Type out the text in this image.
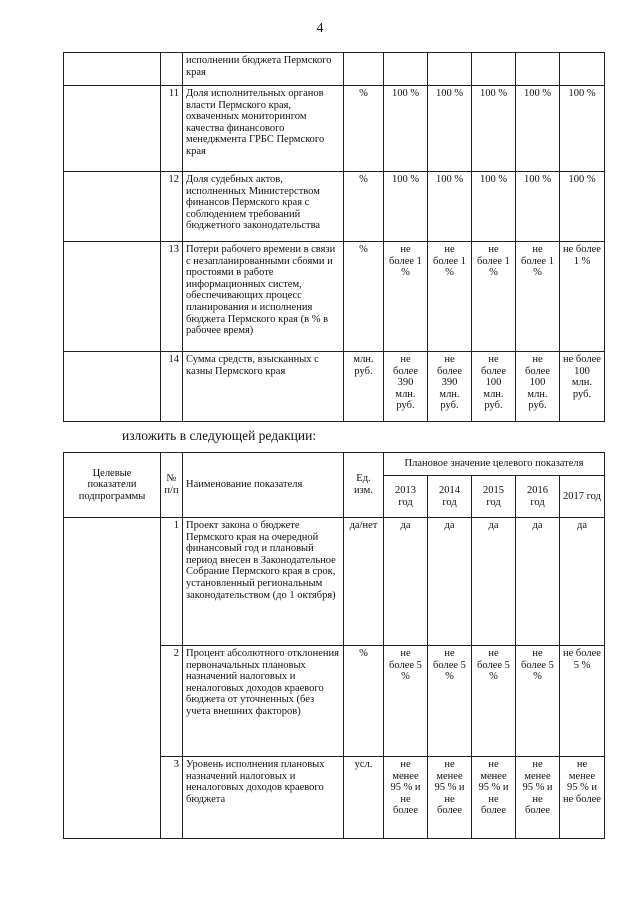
4
		исполнении бюджета Пермского края						
	11	Доля исполнительных органов власти Пермского края, охваченных мониторингом качества финансового менеджмента ГРБС Пермского края	%	100 %	100 %	100 %	100 %	100 %
	12	Доля судебных актов, исполненных Министерством финансов Пермского края с соблюдением требований бюджетного законодательства	%	100 %	100 %	100 %	100 %	100 %
	13	Потери рабочего времени в связи с незапланированными сбоями и простоями в работе информационных систем, обеспечивающих процесс планирования и исполнения бюджета Пермского края (в % в рабочее время)	%	не более 1 %	не более 1 %	не более 1 %	не более 1 %	не более 1 %
	14	Сумма средств, взысканных с казны Пермского края	млн. руб.	не более 390 млн. руб.	не более 390 млн. руб.	не более 100 млн. руб.	не более 100 млн. руб.	не более 100 млн. руб.
изложить в следующей редакции:
Целевые показатели подпрограммы	№ п/п	Наименование показателя	Ед. изм.	Плановое значение целевого показателя				
				2013 год	2014 год	2015 год	2016 год	2017 год
	1	Проект закона о бюджете Пермского края на очередной финансовый год и плановый период внесен в Законодательное Собрание Пермского края в срок, установленный региональным законодательством (до 1 октября)	да/нет	да	да	да	да	да
	2	Процент абсолютного отклонения первоначальных плановых назначений налоговых и неналоговых доходов краевого бюджета от уточненных (без учета внешних факторов)	%	не более 5 %	не более 5 %	не более 5 %	не более 5 %	не более 5 %
	3	Уровень исполнения плановых назначений налоговых и неналоговых доходов краевого бюджета	усл.	не менее 95 % и не более	не менее 95 % и не более	не менее 95 % и не более	не менее 95 % и не более	не менее 95 % и не более
